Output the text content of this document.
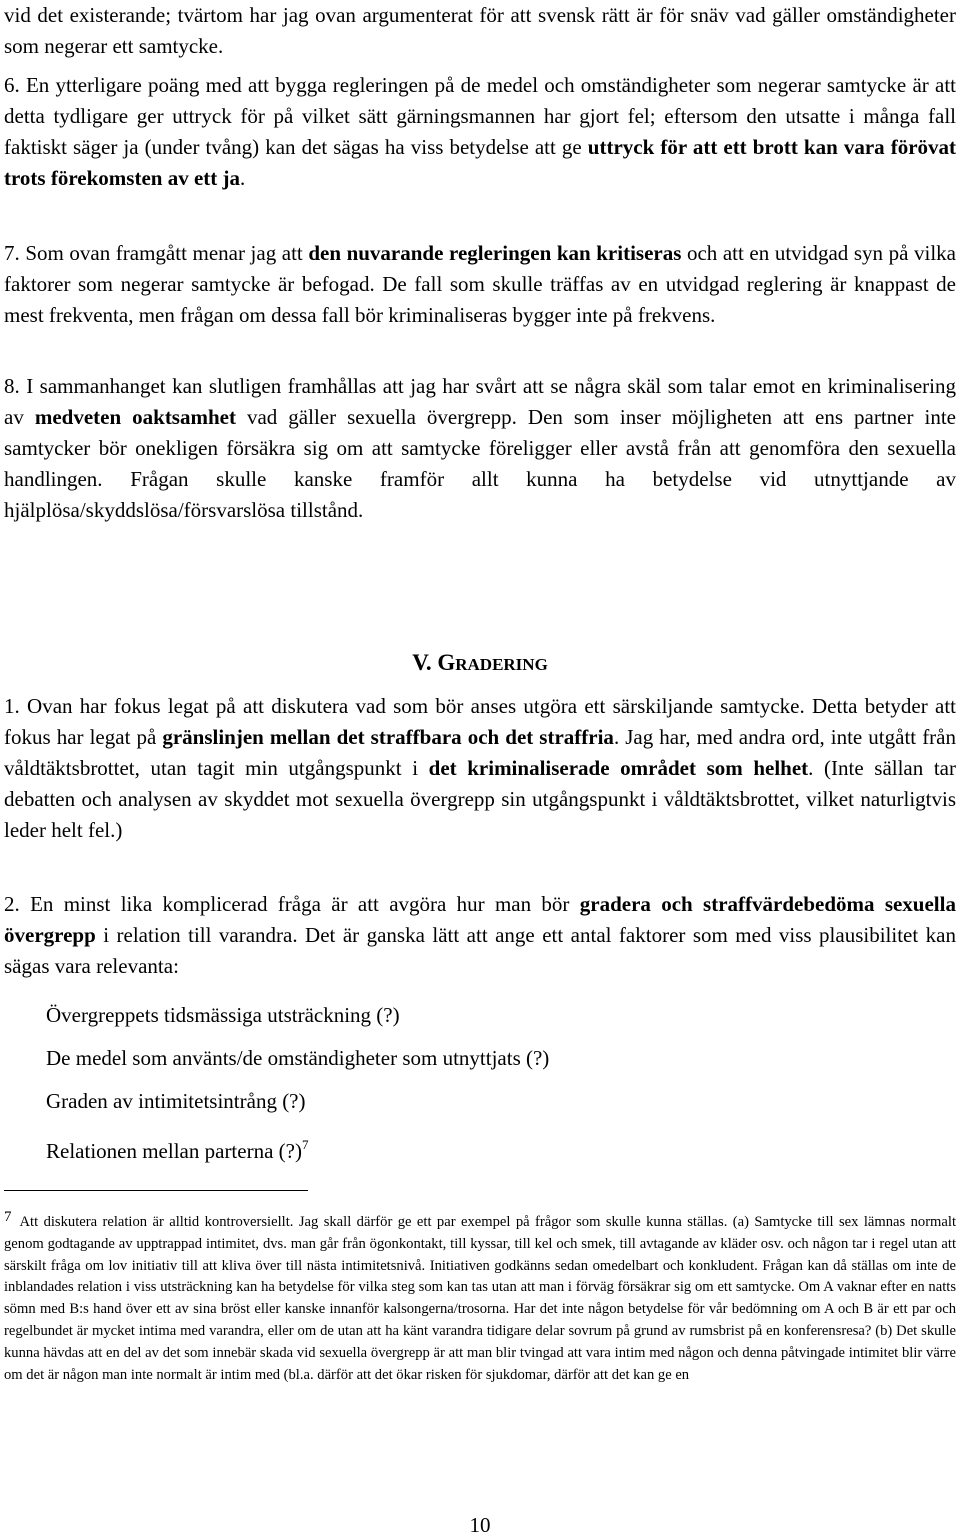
vid det existerande; tvärtom har jag ovan argumenterat för att svensk rätt är för snäv vad gäller omständigheter som negerar ett samtycke.

6. En ytterligare poäng med att bygga regleringen på de medel och omständigheter som negerar samtycke är att detta tydligare ger uttryck för på vilket sätt gärningsmannen har gjort fel; eftersom den utsatte i många fall faktiskt säger ja (under tvång) kan det sägas ha viss betydelse att ge uttryck för att ett brott kan vara förövat trots förekomsten av ett ja.

7. Som ovan framgått menar jag att den nuvarande regleringen kan kritiseras och att en utvidgad syn på vilka faktorer som negerar samtycke är befogad. De fall som skulle träffas av en utvidgad reglering är knappast de mest frekventa, men frågan om dessa fall bör kriminaliseras bygger inte på frekvens.

8. I sammanhanget kan slutligen framhållas att jag har svårt att se några skäl som talar emot en kriminalisering av medveten oaktsamhet vad gäller sexuella övergrepp. Den som inser möjligheten att ens partner inte samtycker bör onekligen försäkra sig om att samtycke föreligger eller avstå från att genomföra den sexuella handlingen. Frågan skulle kanske framför allt kunna ha betydelse vid utnyttjande av hjälplösa/skyddslösa/försvarslösa tillstånd.

V. GRADERING

1. Ovan har fokus legat på att diskutera vad som bör anses utgöra ett särskiljande samtycke. Detta betyder att fokus har legat på gränslinjen mellan det straffbara och det straffria. Jag har, med andra ord, inte utgått från våldtäktsbrottet, utan tagit min utgångspunkt i det kriminaliserade området som helhet. (Inte sällan tar debatten och analysen av skyddet mot sexuella övergrepp sin utgångspunkt i våldtäktsbrottet, vilket naturligtvis leder helt fel.)

2. En minst lika komplicerad fråga är att avgöra hur man bör gradera och straffvärdebedöma sexuella övergrepp i relation till varandra. Det är ganska lätt att ange ett antal faktorer som med viss plausibilitet kan sägas vara relevanta:

Övergreppets tidsmässiga utsträckning (?)
De medel som använts/de omständigheter som utnyttjats (?)
Graden av intimitetsintrång (?)
Relationen mellan parterna (?)$^7$

7 Att diskutera relation är alltid kontroversiellt. Jag skall därför ge ett par exempel på frågor som skulle kunna ställas. (a) Samtycke till sex lämnas normalt genom godtagande av upptrappad intimitet, dvs. man går från ögonkontakt, till kyssar, till kel och smek, till avtagande av kläder osv. och någon tar i regel utan att särskilt fråga om lov initiativ till att kliva över till nästa intimitetsnivå. Initiativen godkänns sedan omedelbart och konkludent. Frågan kan då ställas om inte de inblandades relation i viss utsträckning kan ha betydelse för vilka steg som kan tas utan att man i förväg försäkrar sig om ett samtycke. Om A vaknar efter en natts sömn med B:s hand över ett av sina bröst eller kanske innanför kalsongerna/trosorna. Har det inte någon betydelse för vår bedömning om A och B är ett par och regelbundet är mycket intima med varandra, eller om de utan att ha känt varandra tidigare delar sovrum på grund av rumsbrist på en konferensresa? (b) Det skulle kunna hävdas att en del av det som innebär skada vid sexuella övergrepp är att man blir tvingad att vara intim med någon och denna påtvingade intimitet blir värre om det är någon man inte normalt är intim med (bl.a. därför att det ökar risken för sjukdomar, därför att det kan ge en

10
